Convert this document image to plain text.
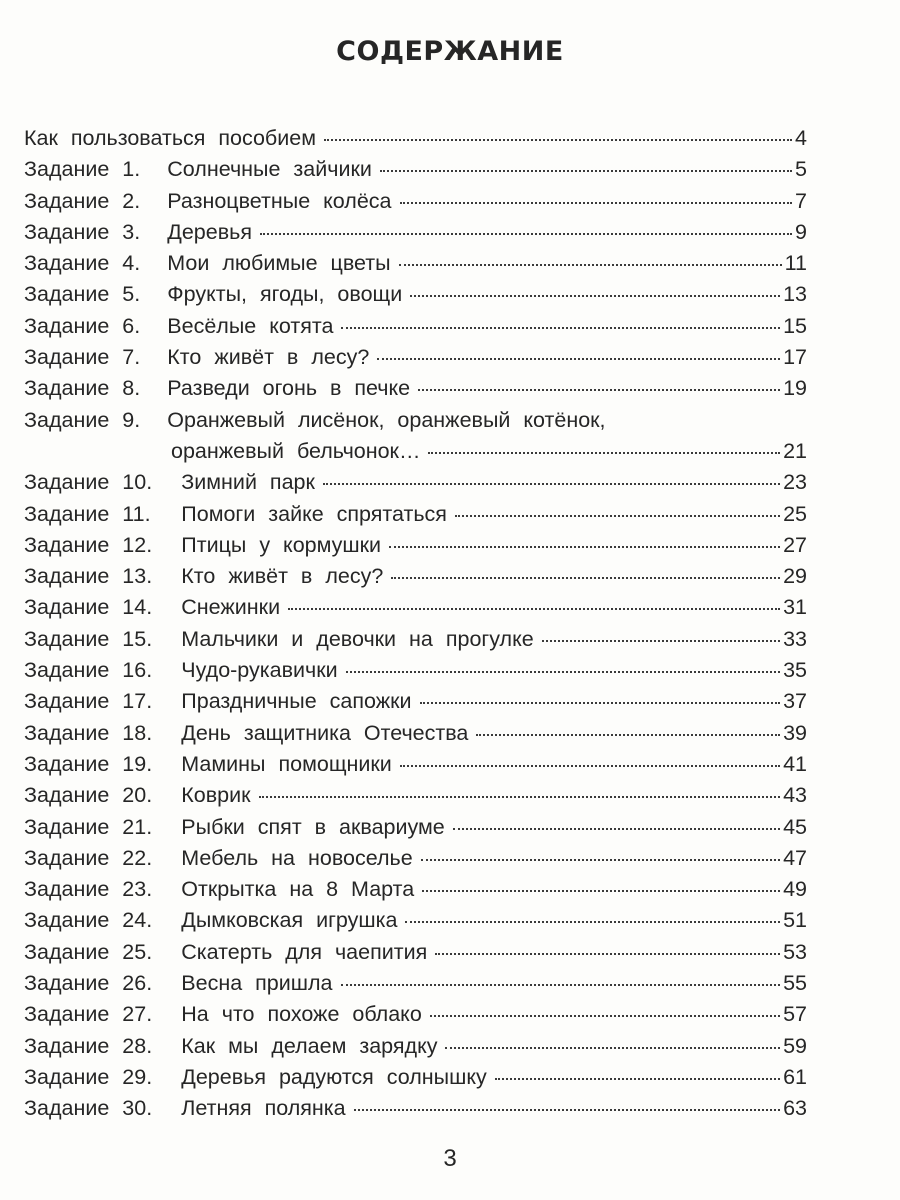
СОДЕРЖАНИЕ
Как пользоваться пособием	4
Задание 1. Солнечные зайчики	5
Задание 2. Разноцветные колёса	7
Задание 3. Деревья	9
Задание 4. Мои любимые цветы	11
Задание 5. Фрукты, ягоды, овощи	13
Задание 6. Весёлые котята	15
Задание 7. Кто живёт в лесу?	17
Задание 8. Разведи огонь в печке	19
Задание 9. Оранжевый лисёнок, оранжевый котёнок,
оранжевый бельчонок…	21
Задание 10. Зимний парк	23
Задание 11. Помоги зайке спрятаться	25
Задание 12. Птицы у кормушки	27
Задание 13. Кто живёт в лесу?	29
Задание 14. Снежинки	31
Задание 15. Мальчики и девочки на прогулке	33
Задание 16. Чудо-рукавички	35
Задание 17. Праздничные сапожки	37
Задание 18. День защитника Отечества	39
Задание 19. Мамины помощники	41
Задание 20. Коврик	43
Задание 21. Рыбки спят в аквариуме	45
Задание 22. Мебель на новоселье	47
Задание 23. Открытка на 8 Марта	49
Задание 24. Дымковская игрушка	51
Задание 25. Скатерть для чаепития	53
Задание 26. Весна пришла	55
Задание 27. На что похоже облако	57
Задание 28. Как мы делаем зарядку	59
Задание 29. Деревья радуются солнышку	61
Задание 30. Летняя полянка	63
3
